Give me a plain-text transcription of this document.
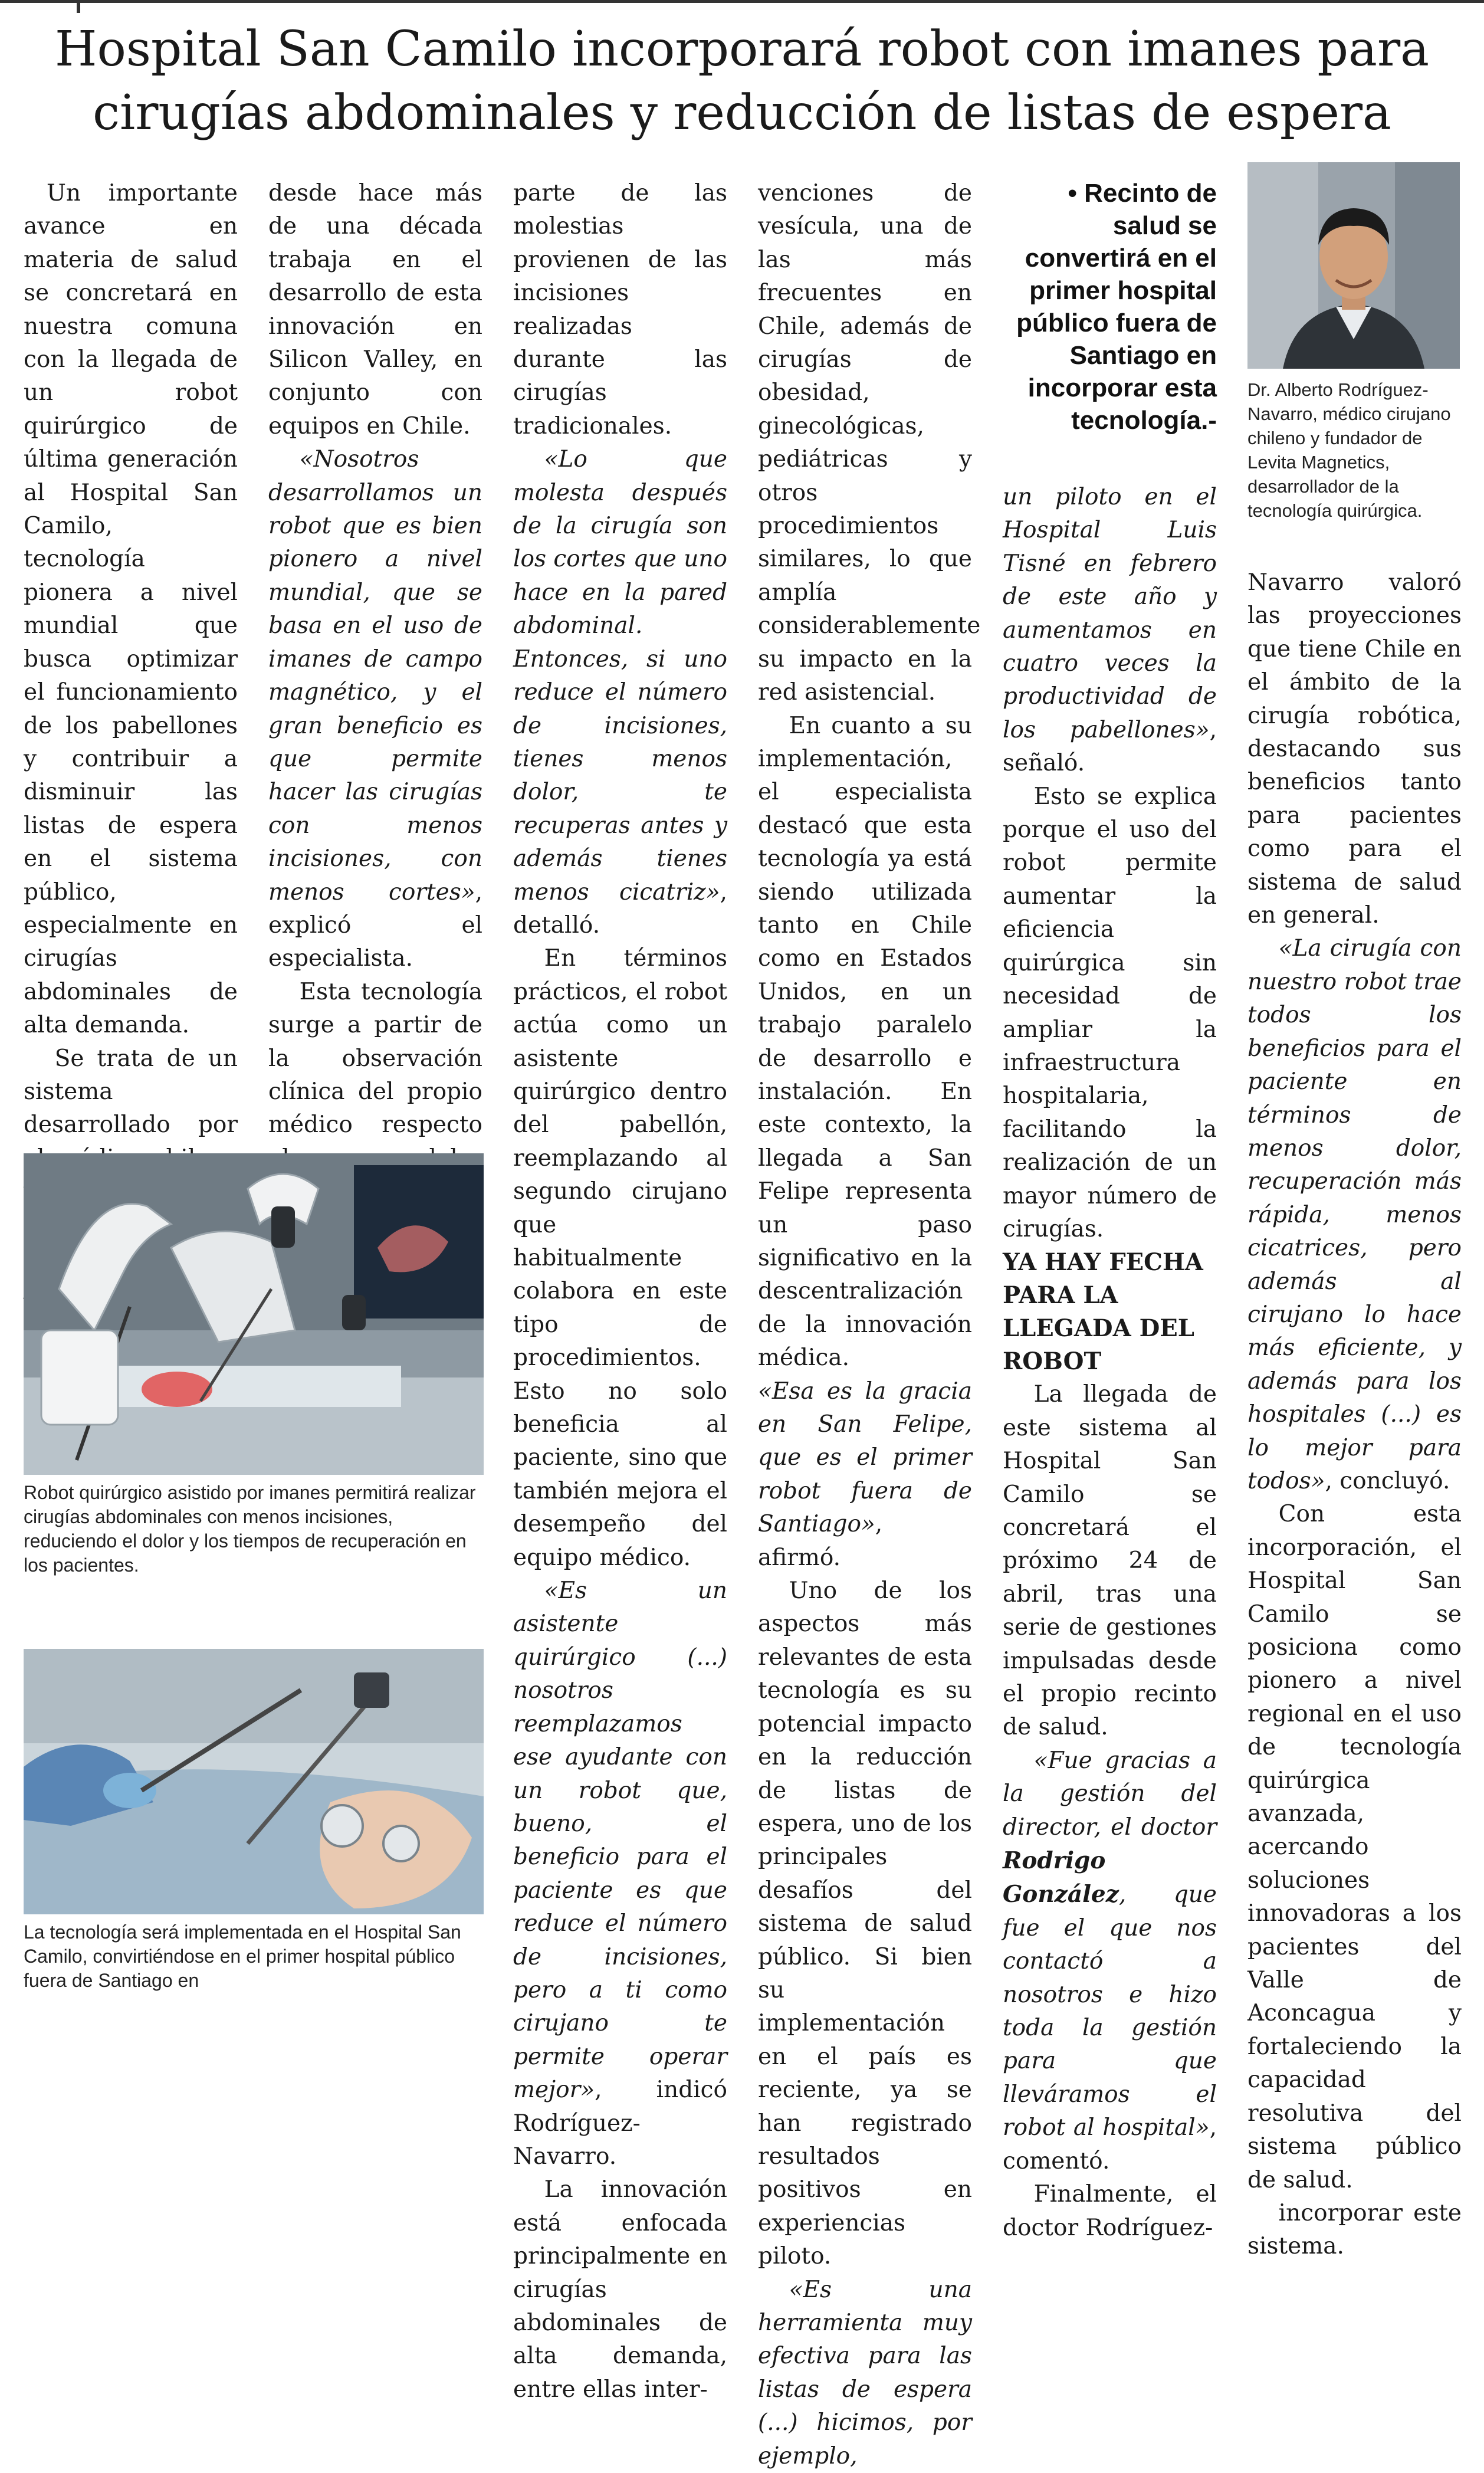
Hospital San Camilo incorporará robot con imanes para cirugías abdominales y reducción de listas de espera

Un importante avance en materia de salud se concretará en nuestra comuna con la llegada de un robot quirúrgico de última generación al Hospital San Camilo, tecnología pionera a nivel mundial que busca optimizar el funcionamiento de los pabellones y contribuir a disminuir las listas de espera en el sistema público, especialmente en cirugías abdominales de alta demanda.

Se trata de un sistema desarrollado por

desde hace más de una década trabaja en el desarrollo de esta innovación en Silicon Valley, en conjunto con equipos en Chile.

«Nosotros desarrollamos un robot que es bien pionero a nivel mundial, que se basa en el uso de imanes de campo magnético, y el gran beneficio es que permite hacer las cirugías con menos incisiones, con menos cortes», explicó el especialista.

Esta tecnología surge a partir de la observación clínica del propio médico respecto

parte de las molestias provienen de las incisiones realizadas durante las cirugías tradicionales.

«Lo que molesta después de la cirugía son los cortes que uno hace en la pared abdominal. Entonces, si uno reduce el número de incisiones, tienes menos dolor, te recuperas antes y además tienes menos cicatriz», detalló.

En términos prácticos, el robot actúa como un asistente quirúrgico dentro del pabellón, reemplazando al segundo cirujano que habitualmente colabora en este tipo de procedimientos. Esto no solo beneficia al paciente, sino que también mejora el desempeño del equipo médico.

«Es un asistente quirúrgico (...) nosotros reemplazamos ese ayudante con un robot que, bueno, el beneficio para el paciente es que reduce el número de incisiones, pero a ti como cirujano te permite operar mejor», indicó Rodríguez-Navarro.

La innovación está enfocada principalmente en cirugías abdominales de alta demanda, entre ellas inter-

venciones de vesícula, una de las más frecuentes en Chile, además de cirugías de obesidad, ginecológicas, pediátricas y otros procedimientos similares, lo que amplía considerablemente su impacto en la red asistencial.

En cuanto a su implementación, el especialista destacó que esta tecnología ya está siendo utilizada tanto en Chile como en Estados Unidos, en un trabajo paralelo de desarrollo e instalación. En este contexto, la llegada a San Felipe representa un paso significativo en la descentralización de la innovación médica.

«Esa es la gracia en San Felipe, que es el primer robot fuera de Santiago», afirmó.

Uno de los aspectos más relevantes de esta tecnología es su potencial impacto en la reducción de listas de espera, uno de los principales desafíos del sistema de salud público. Si bien su implementación en el país es reciente, ya se han registrado resultados positivos en experiencias piloto.

«Es una herramienta muy efectiva para las listas de espera (...) hicimos, por ejemplo,

• Recinto de salud se convertirá en el primer hospital público fuera de Santiago en incorporar esta tecnología.-

un piloto en el Hospital Luis Tisné en febrero de este año y aumentamos en cuatro veces la productividad de los pabellones», señaló.

Esto se explica porque el uso del robot permite aumentar la eficiencia quirúrgica sin necesidad de ampliar la infraestructura hospitalaria, facilitando la realización de un mayor número de cirugías.

YA HAY FECHA PARA LA LLEGADA DEL ROBOT

La llegada de este sistema al Hospital San Camilo se concretará el próximo 24 de abril, tras una serie de gestiones impulsadas desde el propio recinto de salud.

«Fue gracias a la gestión del director, el doctor Rodrigo González, que fue el que nos contactó a nosotros e hizo toda la gestión para que lleváramos el robot al hospital», comentó.

Finalmente, el doctor Rodríguez-

Navarro valoró las proyecciones que tiene Chile en el ámbito de la cirugía robótica, destacando sus beneficios tanto para pacientes como para el sistema de salud en general.

«La cirugía con nuestro robot trae todos los beneficios para el paciente en términos de menos dolor, recuperación más rápida, menos cicatrices, pero además al cirujano lo hace más eficiente, y además para los hospitales (...) es lo mejor para todos», concluyó.

Con esta incorporación, el Hospital San Camilo se posiciona como pionero a nivel regional en el uso de tecnología quirúrgica avanzada, acercando soluciones innovadoras a los pacientes del Valle de Aconcagua y fortaleciendo la capacidad resolutiva del sistema público de salud.

incorporar este sistema.

Robot quirúrgico asistido por imanes permitirá realizar cirugías abdominales con menos incisiones, reduciendo el dolor y los tiempos de recuperación en los pacientes.
La tecnología será implementada en el Hospital San Camilo, convirtiéndose en el primer hospital público fuera de Santiago en
Dr. Alberto Rodríguez-Navarro, médico cirujano chileno y fundador de Levita Magnetics, desarrollador de la tecnología quirúrgica.
